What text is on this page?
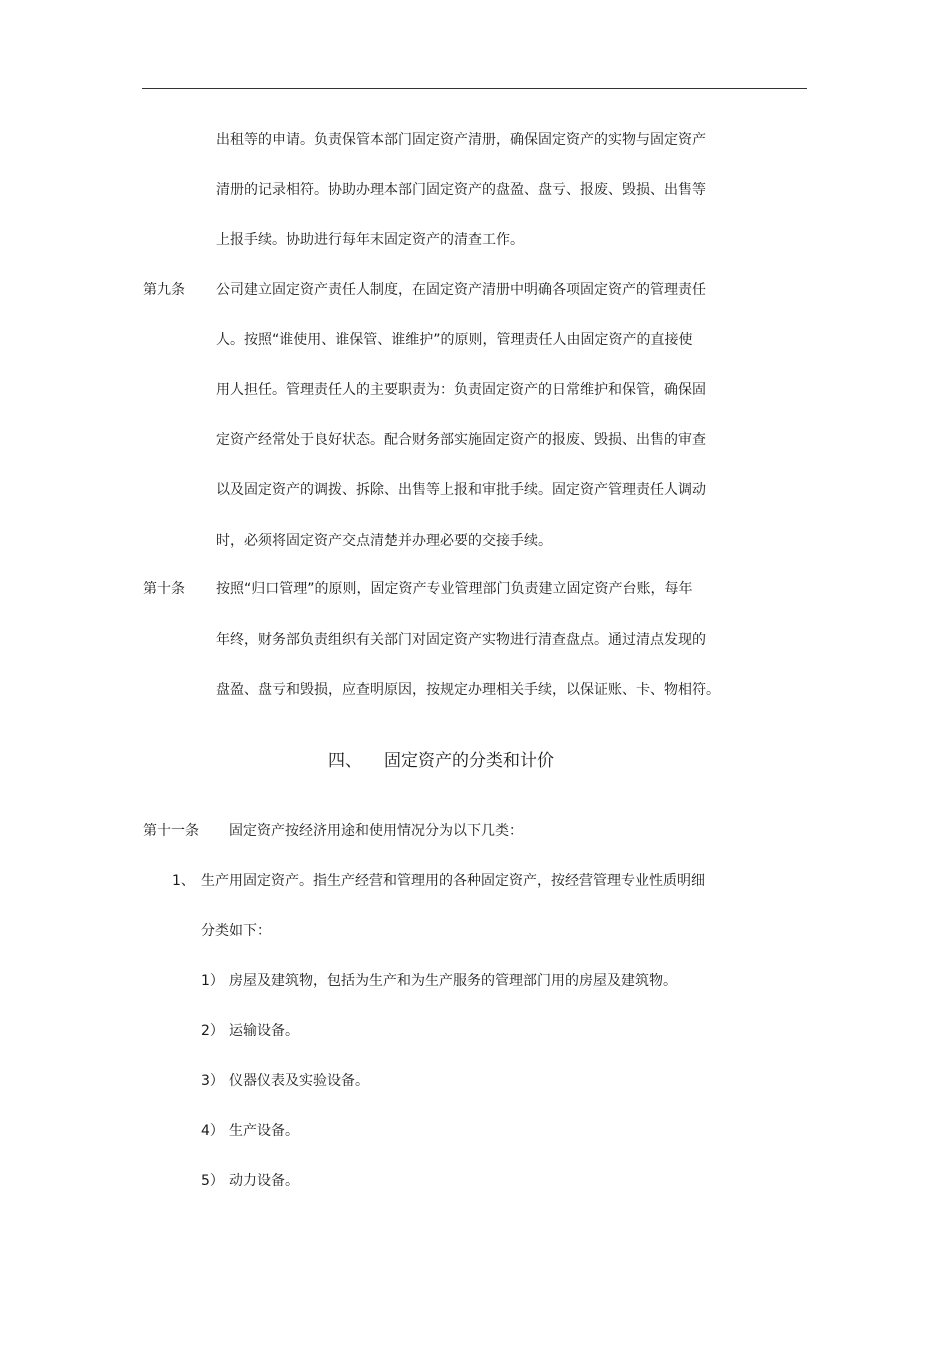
出租等的申请。负责保管本部门固定资产清册，确保固定资产的实物与固定资产
清册的记录相符。协助办理本部门固定资产的盘盈、盘亏、报废、毁损、出售等
上报手续。协助进行每年末固定资产的清查工作。
第九条 公司建立固定资产责任人制度，在固定资产清册中明确各项固定资产的管理责任
人。按照“谁使用、谁保管、谁维护”的原则，管理责任人由固定资产的直接使
用人担任。管理责任人的主要职责为：负责固定资产的日常维护和保管，确保固
定资产经常处于良好状态。配合财务部实施固定资产的报废、毁损、出售的审查
以及固定资产的调拨、拆除、出售等上报和审批手续。固定资产管理责任人调动
时，必须将固定资产交点清楚并办理必要的交接手续。
第十条 按照“归口管理”的原则，固定资产专业管理部门负责建立固定资产台账，每年
年终，财务部负责组织有关部门对固定资产实物进行清查盘点。通过清点发现的
盘盈、盘亏和毁损，应查明原因，按规定办理相关手续，以保证账、卡、物相符。
四、 固定资产的分类和计价
第十一条 固定资产按经济用途和使用情况分为以下几类：
1、 生产用固定资产。指生产经营和管理用的各种固定资产，按经营管理专业性质明细
分类如下：
1） 房屋及建筑物，包括为生产和为生产服务的管理部门用的房屋及建筑物。
2） 运输设备。
3） 仪器仪表及实验设备。
4） 生产设备。
5） 动力设备。
